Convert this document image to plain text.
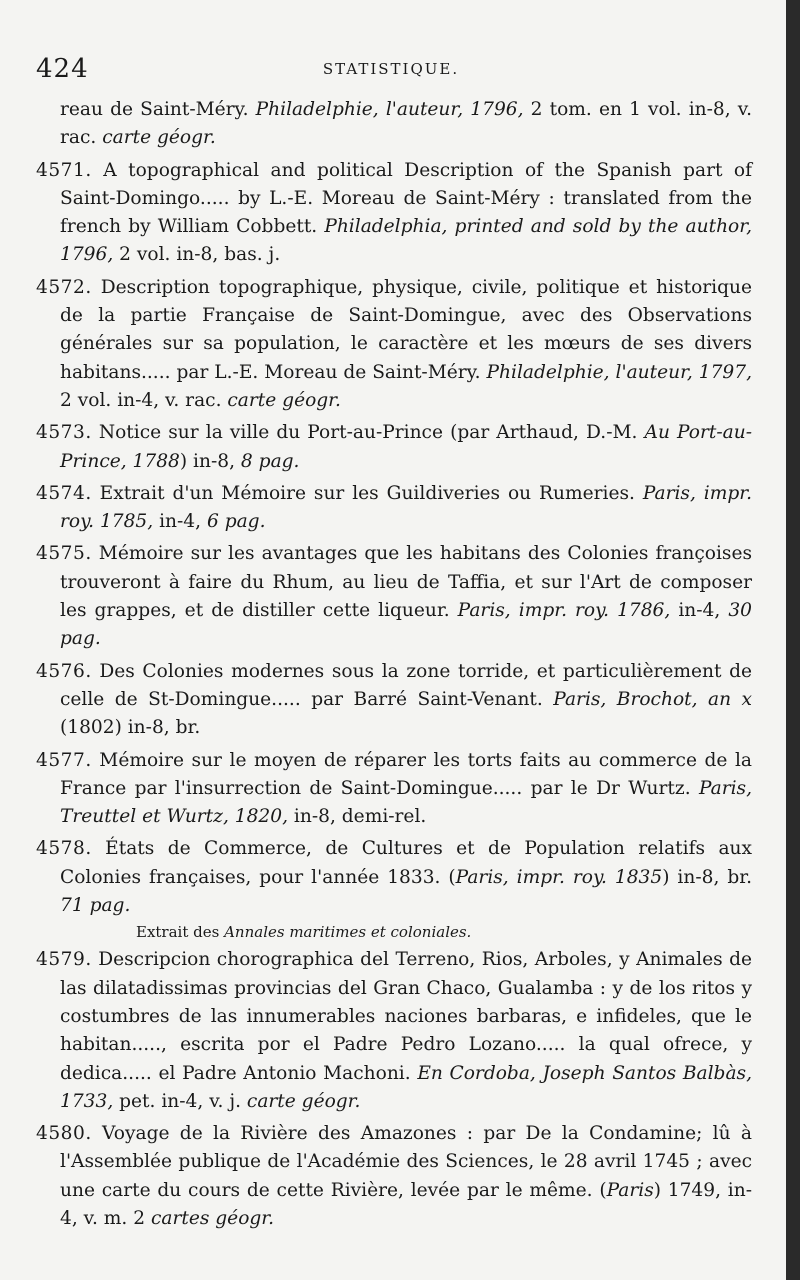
424	STATISTIQUE.

reau de Saint-Méry. Philadelphie, l'auteur, 1796, 2 tom. en 1 vol. in-8, v. rac. carte géogr.

4571. A topographical and political Description of the Spanish part of Saint-Domingo..... by L.-E. Moreau de Saint-Méry : translated from the french by William Cobbett. Philadelphia, printed and sold by the author, 1796, 2 vol. in-8, bas. j.

4572. Description topographique, physique, civile, politique et historique de la partie Française de Saint-Domingue, avec des Observations générales sur sa population, le caractère et les mœurs de ses divers habitans..... par L.-E. Moreau de Saint-Méry. Philadelphie, l'auteur, 1797, 2 vol. in-4, v. rac. carte géogr.

4573. Notice sur la ville du Port-au-Prince (par Arthaud, D.-M. Au Port-au-Prince, 1788) in-8, 8 pag.

4574. Extrait d'un Mémoire sur les Guildiveries ou Rumeries. Paris, impr. roy. 1785, in-4, 6 pag.

4575. Mémoire sur les avantages que les habitans des Colonies françoises trouveront à faire du Rhum, au lieu de Taffia, et sur l'Art de composer les grappes, et de distiller cette liqueur. Paris, impr. roy. 1786, in-4, 30 pag.

4576. Des Colonies modernes sous la zone torride, et particulièrement de celle de St-Domingue..... par Barré Saint-Venant. Paris, Brochot, an x (1802) in-8, br.

4577. Mémoire sur le moyen de réparer les torts faits au commerce de la France par l'insurrection de Saint-Domingue..... par le Dr Wurtz. Paris, Treuttel et Wurtz, 1820, in-8, demi-rel.

4578. États de Commerce, de Cultures et de Population relatifs aux Colonies françaises, pour l'année 1833. (Paris, impr. roy. 1835) in-8, br. 71 pag.

Extrait des Annales maritimes et coloniales.

4579. Descripcion chorographica del Terreno, Rios, Arboles, y Animales de las dilatadissimas provincias del Gran Chaco, Gualamba : y de los ritos y costumbres de las innumerables naciones barbaras, e infideles, que le habitan....., escrita por el Padre Pedro Lozano..... la qual ofrece, y dedica..... el Padre Antonio Machoni. En Cordoba, Joseph Santos Balbàs, 1733, pet. in-4, v. j. carte géogr.

4580. Voyage de la Rivière des Amazones : par De la Condamine; lû à l'Assemblée publique de l'Académie des Sciences, le 28 avril 1745 ; avec une carte du cours de cette Rivière, levée par le même. (Paris) 1749, in-4, v. m. 2 cartes géogr.
